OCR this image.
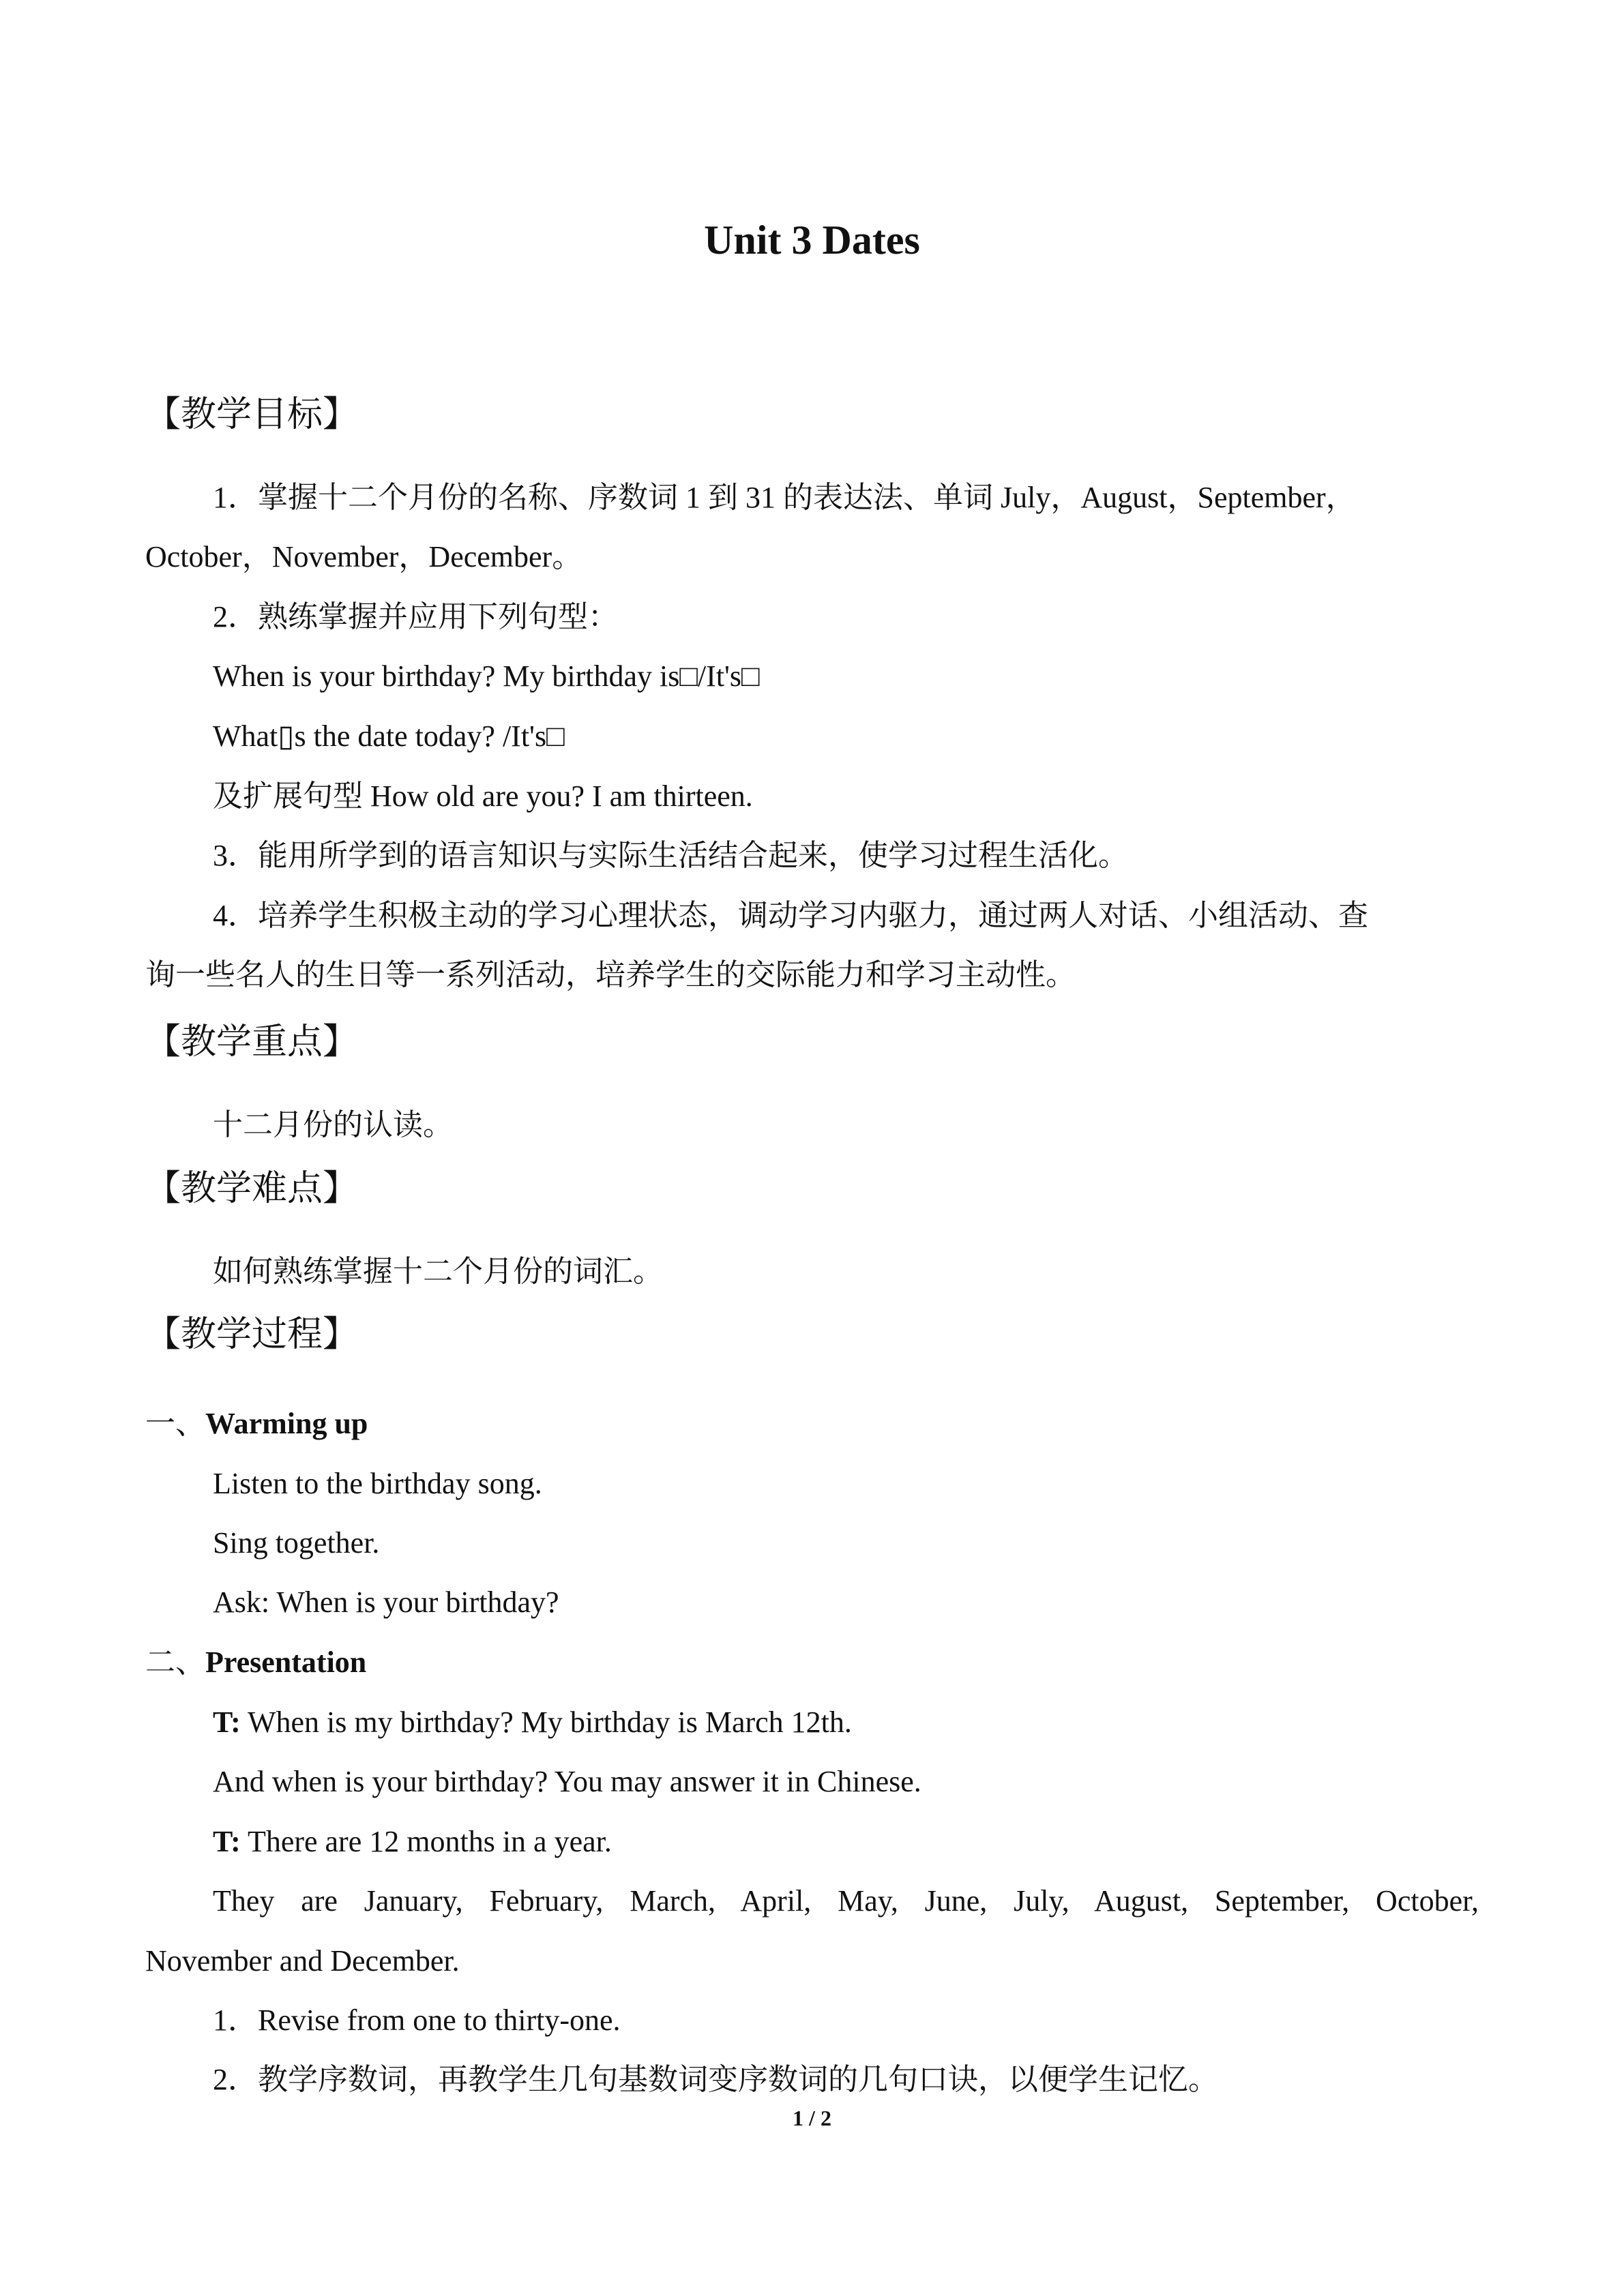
Unit 3 Dates
【教学目标】
1．掌握十二个月份的名称、序数词 1 到 31 的表达法、单词 July，August，September，
October，November，December。
2．熟练掌握并应用下列句型：
When is your birthday? My birthday is□/It's□
What▯s the date today? /It's□
及扩展句型 How old are you? I am thirteen.
3．能用所学到的语言知识与实际生活结合起来，使学习过程生活化。
4．培养学生积极主动的学习心理状态，调动学习内驱力，通过两人对话、小组活动、查
询一些名人的生日等一系列活动，培养学生的交际能力和学习主动性。
【教学重点】
十二月份的认读。
【教学难点】
如何熟练掌握十二个月份的词汇。
【教学过程】
一、Warming up
Listen to the birthday song.
Sing together.
Ask: When is your birthday?
二、Presentation
T: When is my birthday? My birthday is March 12th.
And when is your birthday? You may answer it in Chinese.
T: There are 12 months in a year.
They are January, February, March, April, May, June, July, August, September, October,
November and December.
1．Revise from one to thirty-one.
2．教学序数词，再教学生几句基数词变序数词的几句口诀，以便学生记忆。
1 / 2
